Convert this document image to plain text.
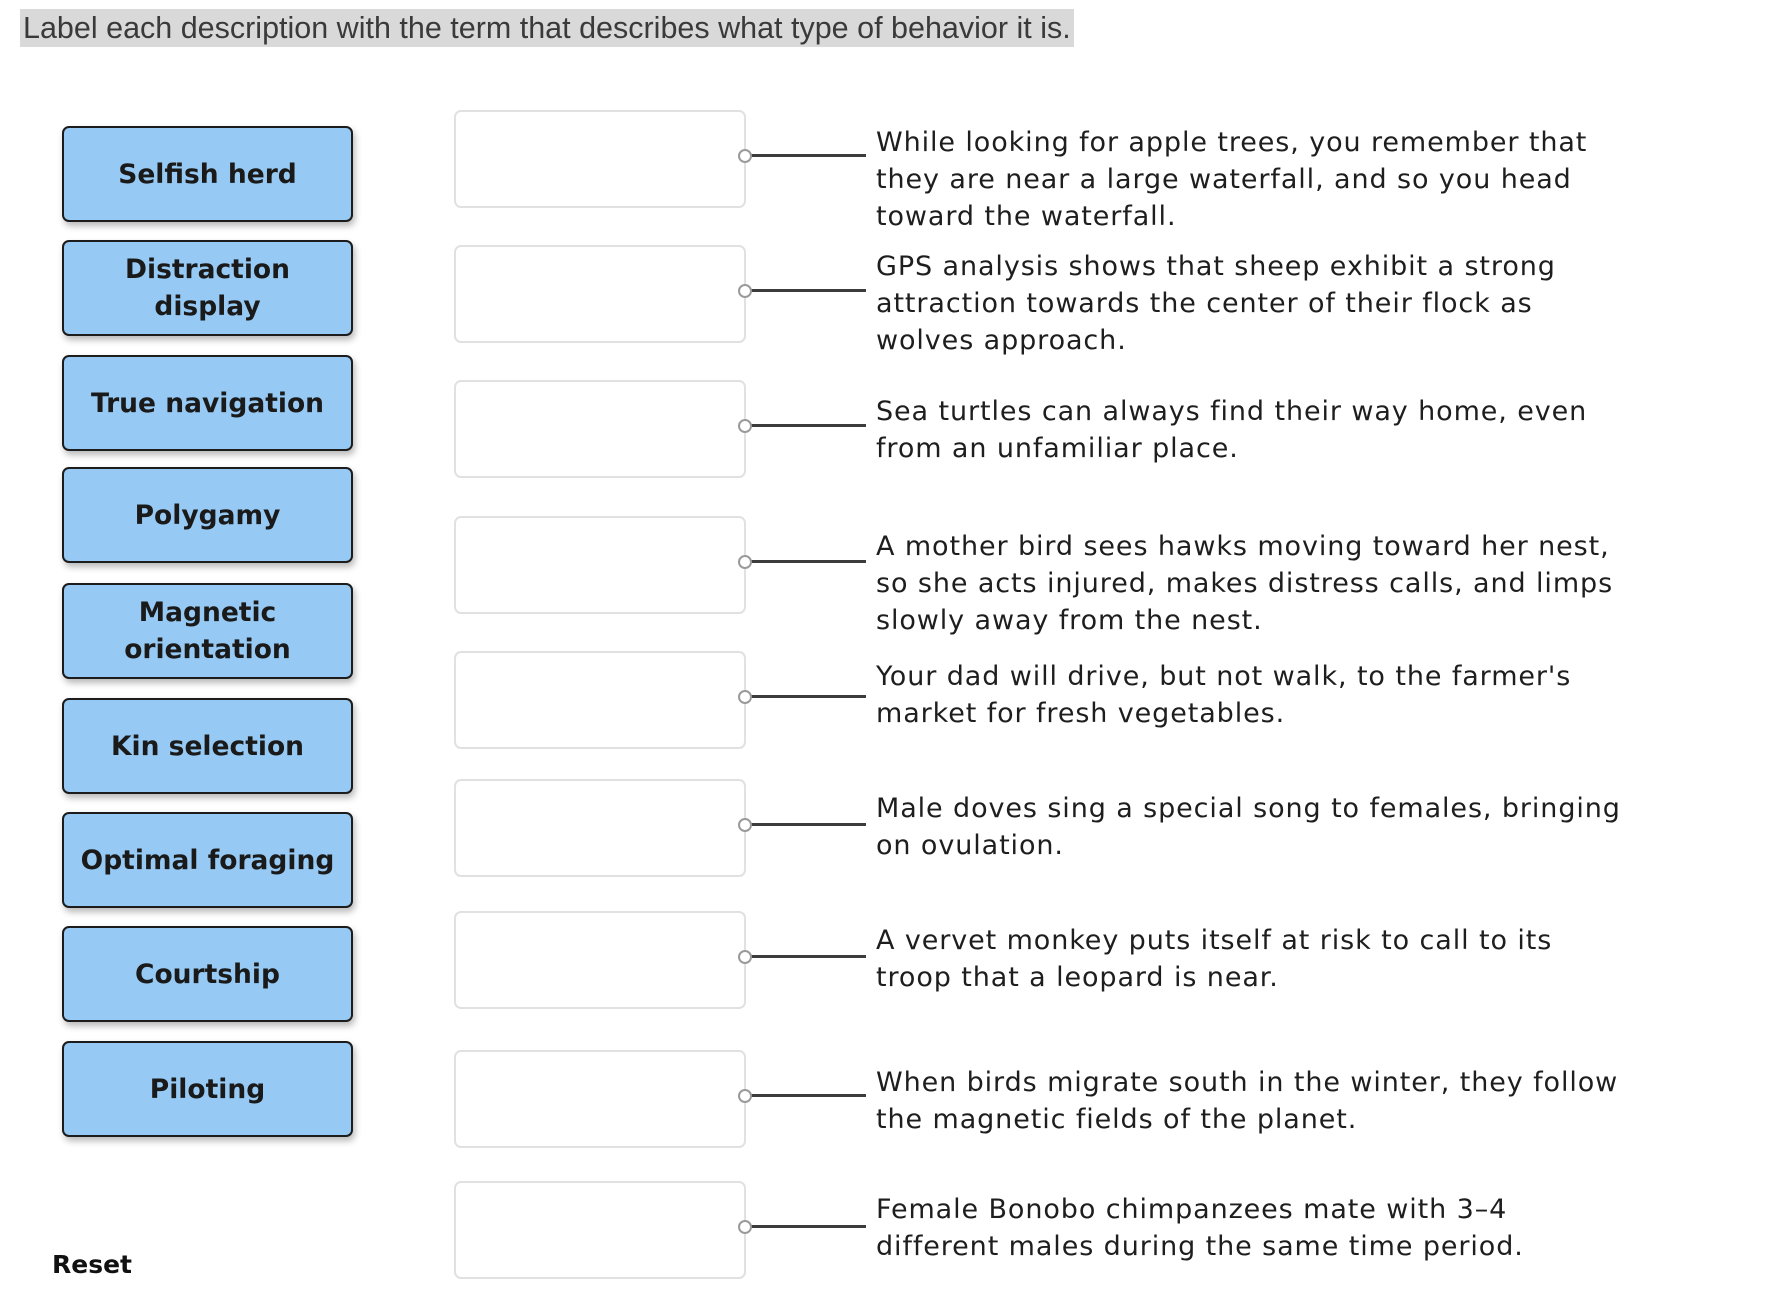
Label each description with the term that describes what type of behavior it is.
Selfish herd
Distraction display
True navigation
Polygamy
Magnetic orientation
Kin selection
Optimal foraging
Courtship
Piloting
While looking for apple trees, you remember that they are near a large waterfall, and so you head toward the waterfall.
GPS analysis shows that sheep exhibit a strong attraction towards the center of their flock as wolves approach.
Sea turtles can always find their way home, even from an unfamiliar place.
A mother bird sees hawks moving toward her nest, so she acts injured, makes distress calls, and limps slowly away from the nest.
Your dad will drive, but not walk, to the farmer's market for fresh vegetables.
Male doves sing a special song to females, bringing on ovulation.
A vervet monkey puts itself at risk to call to its troop that a leopard is near.
When birds migrate south in the winter, they follow the magnetic fields of the planet.
Female Bonobo chimpanzees mate with 3–4 different males during the same time period.
Reset
